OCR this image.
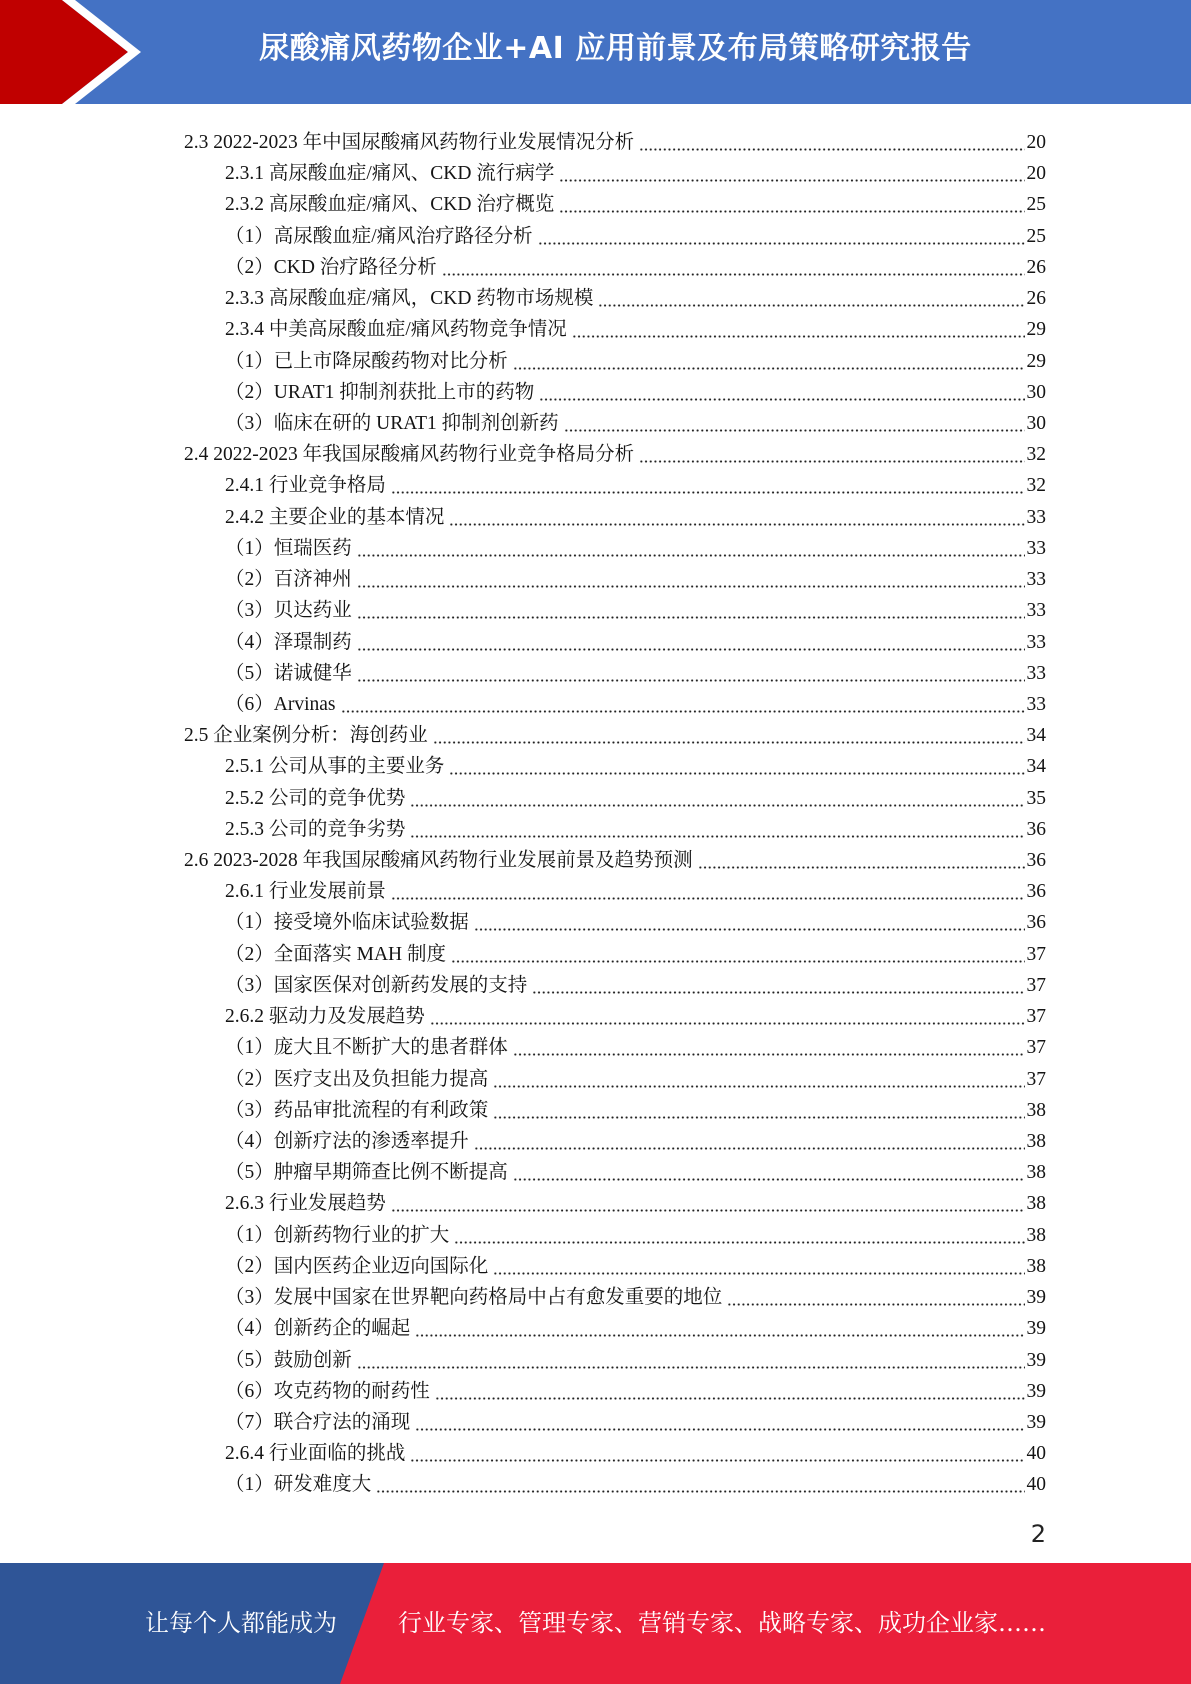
尿酸痛风药物企业+AI 应用前景及布局策略研究报告
2.3 2022-2023 年中国尿酸痛风药物行业发展情况分析	20
2.3.1 高尿酸血症/痛风、CKD 流行病学	20
2.3.2 高尿酸血症/痛风、CKD 治疗概览	25
（1）高尿酸血症/痛风治疗路径分析	25
（2）CKD 治疗路径分析	26
2.3.3 高尿酸血症/痛风，CKD 药物市场规模	26
2.3.4 中美高尿酸血症/痛风药物竞争情况	29
（1）已上市降尿酸药物对比分析	29
（2）URAT1 抑制剂获批上市的药物	30
（3）临床在研的 URAT1 抑制剂创新药	30
2.4 2022-2023 年我国尿酸痛风药物行业竞争格局分析	32
2.4.1 行业竞争格局	32
2.4.2 主要企业的基本情况	33
（1）恒瑞医药	33
（2）百济神州	33
（3）贝达药业	33
（4）泽璟制药	33
（5）诺诚健华	33
（6）Arvinas	33
2.5 企业案例分析：海创药业	34
2.5.1 公司从事的主要业务	34
2.5.2 公司的竞争优势	35
2.5.3 公司的竞争劣势	36
2.6 2023-2028 年我国尿酸痛风药物行业发展前景及趋势预测	36
2.6.1 行业发展前景	36
（1）接受境外临床试验数据	36
（2）全面落实 MAH 制度	37
（3）国家医保对创新药发展的支持	37
2.6.2 驱动力及发展趋势	37
（1）庞大且不断扩大的患者群体	37
（2）医疗支出及负担能力提高	37
（3）药品审批流程的有利政策	38
（4）创新疗法的渗透率提升	38
（5）肿瘤早期筛查比例不断提高	38
2.6.3 行业发展趋势	38
（1）创新药物行业的扩大	38
（2）国内医药企业迈向国际化	38
（3）发展中国家在世界靶向药格局中占有愈发重要的地位	39
（4）创新药企的崛起	39
（5）鼓励创新	39
（6）攻克药物的耐药性	39
（7）联合疗法的涌现	39
2.6.4 行业面临的挑战	40
（1）研发难度大	40
2
让每个人都能成为	行业专家、管理专家、营销专家、战略专家、成功企业家……
